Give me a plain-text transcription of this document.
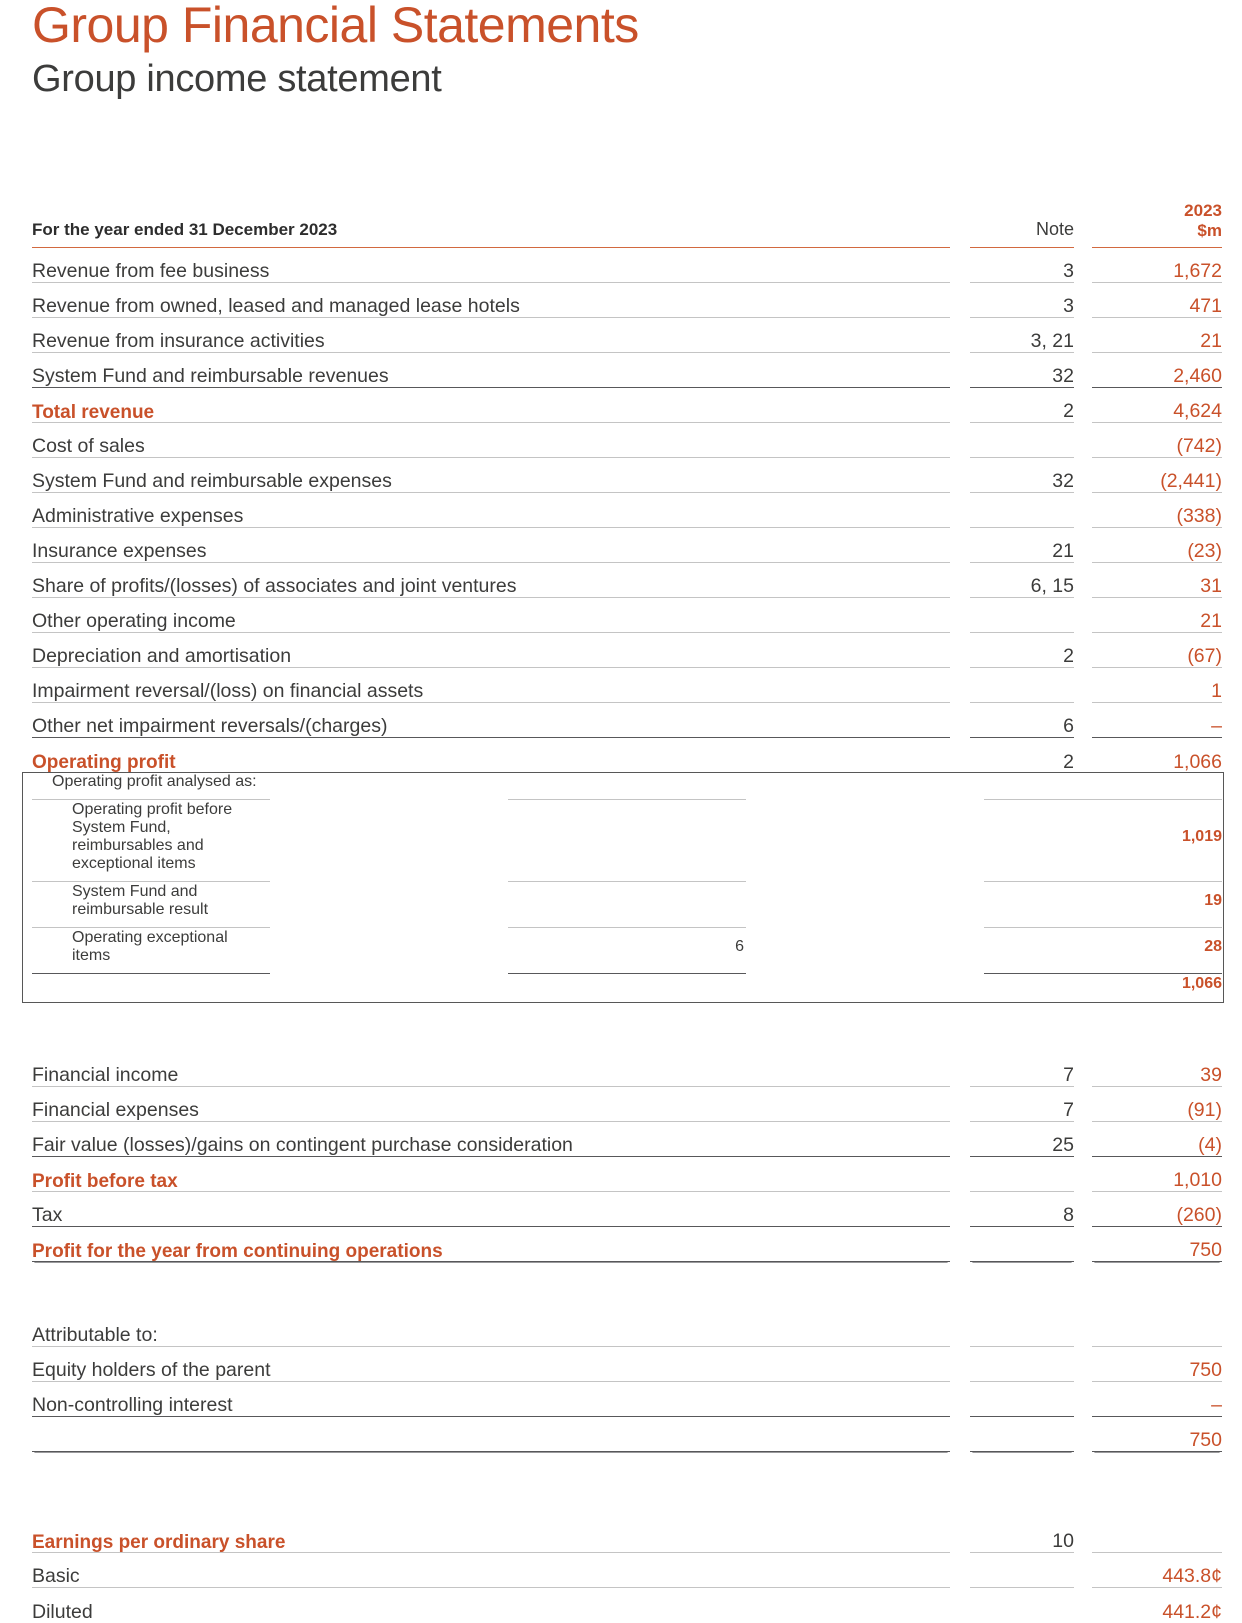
Group Financial Statements
Group income statement
For the year ended 31 December 2023		Note		2023
$m

Revenue from fee business		3		1,672
Revenue from owned, leased and managed lease hotels		3		471
Revenue from insurance activities		3, 21		21
System Fund and reimbursable revenues		32		2,460
Total revenue		2		4,624
Cost of sales				(742)
System Fund and reimbursable expenses		32		(2,441)
Administrative expenses				(338)
Insurance expenses		21		(23)
Share of profits/(losses) of associates and joint ventures		6, 15		31
Other operating income				21
Depreciation and amortisation		2		(67)
Impairment reversal/(loss) on financial assets				1
Other net impairment reversals/(charges)		6		–
Operating profit		2		1,066
Operating profit analysed as:				
Operating profit before System Fund, reimbursables and exceptional items				1,019
System Fund and reimbursable result				19
Operating exceptional items		6		28
				1,066

Financial income		7		39
Financial expenses		7		(91)
Fair value (losses)/gains on contingent purchase consideration		25		(4)
Profit before tax				1,010
Tax		8		(260)
Profit for the year from continuing operations				750

Attributable to:				
Equity holders of the parent				750
Non-controlling interest				–
				750

Earnings per ordinary share		10		
Basic				443.8¢
Diluted				441.2¢
